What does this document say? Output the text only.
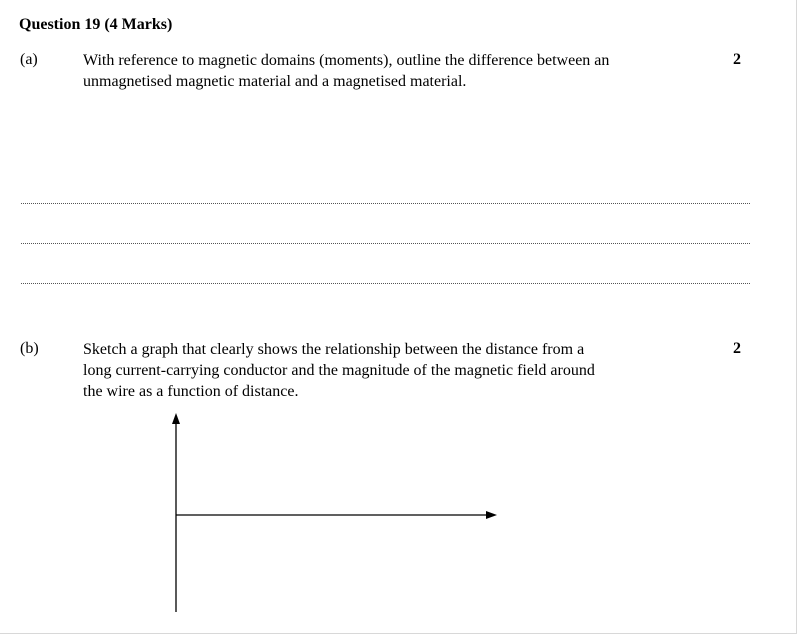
Question 19 (4 Marks)
(a)	With reference to magnetic domains (moments), outline the difference between an
unmagnetised magnetic material and a magnetised material.
2
(b)	Sketch a graph that clearly shows the relationship between the distance from a
long current-carrying conductor and the magnitude of the magnetic field around
the wire as a function of distance.
2
